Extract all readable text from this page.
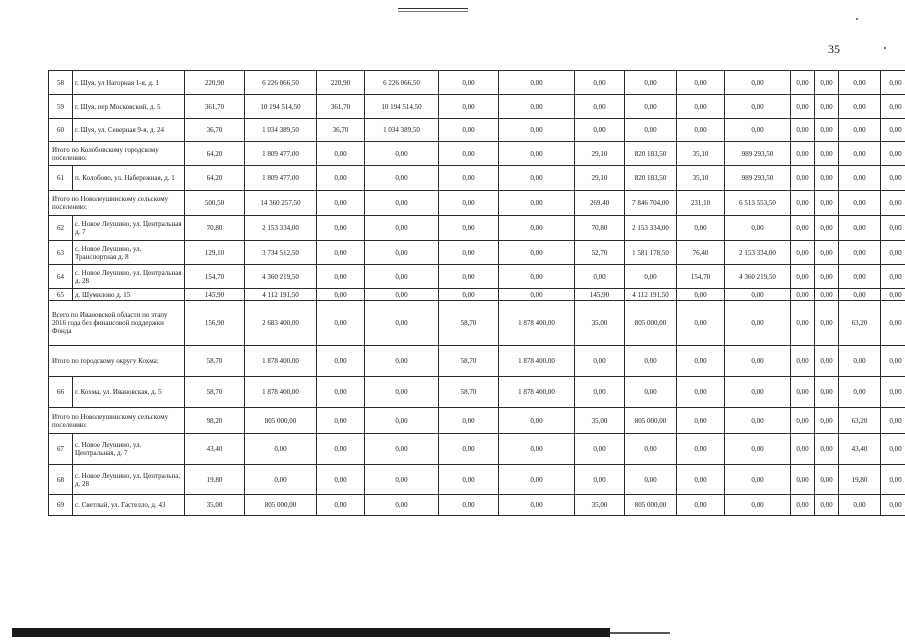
35
58	г. Шуя, ул Нагорная 1-я, д. 1	220,90	6 226 066,50	220,90	6 226 066,50	0,00	0,00	0,00	0,00	0,00	0,00	0,00	0,00	0,00	0,00
59	г. Шуя, пер Московский, д. 5	361,70	10 194 514,50	361,70	10 194 514,50	0,00	0,00	0,00	0,00	0,00	0,00	0,00	0,00	0,00	0,00
60	г. Шуя, ул. Северная 9-я, д. 24	36,70	1 034 389,50	36,70	1 034 389,50	0,00	0,00	0,00	0,00	0,00	0,00	0,00	0,00	0,00	0,00
Итого по Колобовскому городскому поселению:		64,20	1 809 477,00	0,00	0,00	0,00	0,00	29,10	820 183,50	35,10	989 293,50	0,00	0,00	0,00	0,00
61	п. Колобово, ул. Набережная, д. 1	64,20	1 809 477,00	0,00	0,00	0,00	0,00	29,10	820 183,50	35,10	989 293,50	0,00	0,00	0,00	0,00
Итого по Новолеушинскому сельскому поселению:		500,50	14 360 257,50	0,00	0,00	0,00	0,00	269,40	7 846 704,00	231,10	6 513 553,50	0,00	0,00	0,00	0,00
62	с. Новое Леушино, ул. Центральная д. 7	70,80	2 153 334,00	0,00	0,00	0,00	0,00	70,80	2 153 334,00	0,00	0,00	0,00	0,00	0,00	0,00
63	с. Новое Леушино, ул. Транспортная д. 8	129,10	3 734 512,50	0,00	0,00	0,00	0,00	52,70	1 581 178,50	76,40	2 153 334,00	0,00	0,00	0,00	0,00
64	с. Новое Леушино, ул. Центральная д. 28	154,70	4 360 219,50	0,00	0,00	0,00	0,00	0,00	0,00	154,70	4 360 219,50	0,00	0,00	0,00	0,00
65	д. Шумилово д. 15	145,90	4 112 191,50	0,00	0,00	0,00	0,00	145,90	4 112 191,50	0,00	0,00	0,00	0,00	0,00	0,00
Всего по Ивановской области по этапу 2016 года без финансовой поддержки Фонда		156,90	2 683 400,00	0,00	0,00	58,70	1 878 400,00	35,00	805 000,00	0,00	0,00	0,00	0,00	63,20	0,00
Итого по городскому округу Кохма:		58,70	1 878 400,00	0,00	0,00	58,70	1 878 400,00	0,00	0,00	0,00	0,00	0,00	0,00	0,00	0,00
66	г. Кохма, ул. Ивановская, д. 5	58,70	1 878 400,00	0,00	0,00	58,70	1 878 400,00	0,00	0,00	0,00	0,00	0,00	0,00	0,00	0,00
Итого по Новолеушинскому сельскому поселению:		98,20	805 000,00	0,00	0,00	0,00	0,00	35,00	805 000,00	0,00	0,00	0,00	0,00	63,20	0,00
67	с. Новое Леушино, ул. Центральная, д. 7	43,40	0,00	0,00	0,00	0,00	0,00	0,00	0,00	0,00	0,00	0,00	0,00	43,40	0,00
68	с. Новое Леушино, ул. Центральна, д. 28	19,80	0,00	0,00	0,00	0,00	0,00	0,00	0,00	0,00	0,00	0,00	0,00	19,80	0,00
69	с. Светлый, ул. Гастелло, д. 43	35,00	805 000,00	0,00	0,00	0,00	0,00	35,00	805 000,00	0,00	0,00	0,00	0,00	0,00	0,00
